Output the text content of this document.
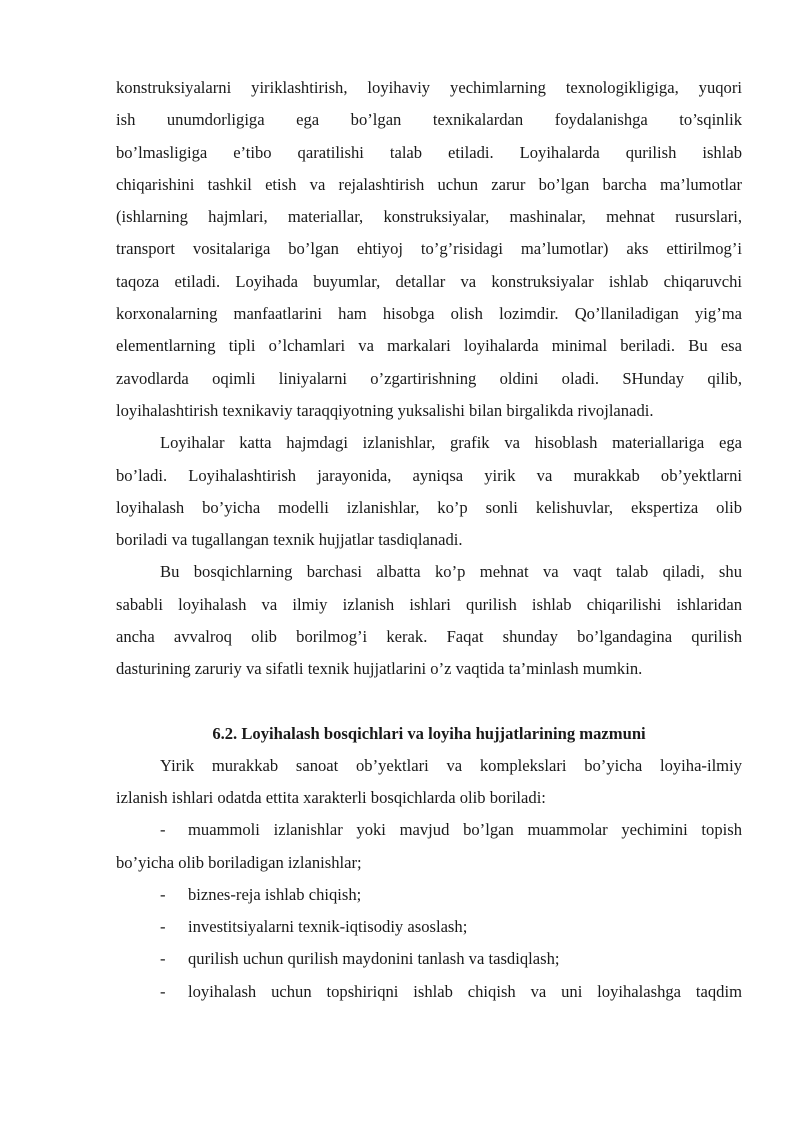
konstruksiyalarni yiriklashtirish, loyihaviy yechimlarning texnologikligiga, yuqori
ish unumdorligiga ega bo’lgan texnikalardan foydalanishga to’sqinlik
bo’lmasligiga e’tibo qaratilishi talab etiladi. Loyihalarda qurilish ishlab
chiqarishini tashkil etish va rejalashtirish uchun zarur bo’lgan barcha ma’lumotlar
(ishlarning hajmlari, materiallar, konstruksiyalar, mashinalar, mehnat rusurslari,
transport vositalariga bo’lgan ehtiyoj to’g’risidagi ma’lumotlar) aks ettirilmog’i
taqoza etiladi. Loyihada buyumlar, detallar va konstruksiyalar ishlab chiqaruvchi
korxonalarning manfaatlarini ham hisobga olish lozimdir. Qo’llaniladigan yig’ma
elementlarning tipli o’lchamlari va markalari loyihalarda minimal beriladi. Bu esa
zavodlarda oqimli liniyalarni o’zgartirishning oldini oladi. SHunday qilib,
loyihalashtirish texnikaviy taraqqiyotning yuksalishi bilan birgalikda rivojlanadi.
Loyihalar katta hajmdagi izlanishlar, grafik va hisoblash materiallariga ega
bo’ladi. Loyihalashtirish jarayonida, ayniqsa yirik va murakkab ob’yektlarni
loyihalash bo’yicha modelli izlanishlar, ko’p sonli kelishuvlar, ekspertiza olib
boriladi va tugallangan texnik hujjatlar tasdiqlanadi.
Bu bosqichlarning barchasi albatta ko’p mehnat va vaqt talab qiladi, shu
sababli loyihalash va ilmiy izlanish ishlari qurilish ishlab chiqarilishi ishlaridan
ancha avvalroq olib borilmog’i kerak. Faqat shunday bo’lgandagina qurilish
dasturining zaruriy va sifatli texnik hujjatlarini o’z vaqtida ta’minlash mumkin.
6.2. Loyihalash bosqichlari va loyiha hujjatlarining mazmuni
Yirik murakkab sanoat ob’yektlari va komplekslari bo’yicha loyiha-ilmiy
izlanish ishlari odatda ettita xarakterli bosqichlarda olib boriladi:
- muammoli izlanishlar yoki mavjud bo’lgan muammolar yechimini topish
bo’yicha olib boriladigan izlanishlar;
- biznes-reja ishlab chiqish;
- investitsiyalarni texnik-iqtisodiy asoslash;
- qurilish uchun qurilish maydonini tanlash va tasdiqlash;
- loyihalash uchun topshiriqni ishlab chiqish va uni loyihalashga taqdim
